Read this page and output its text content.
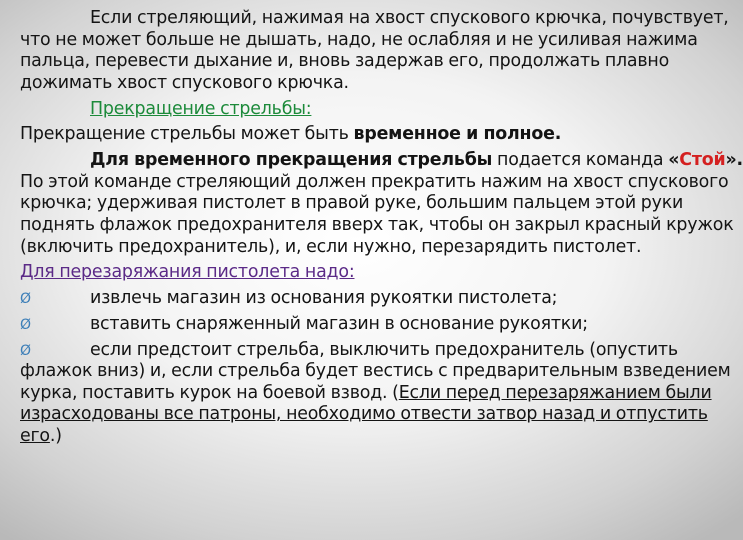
Если стреляющий, нажимая на хвост спускового крючка, почувствует,
что не может больше не дышать, надо, не ослабляя и не усиливая нажима
пальца, перевести дыхание и, вновь задержав его, продолжать плавно
дожимать хвост спускового крючка.
Прекращение стрельбы:
Прекращение стрельбы может быть временное и полное.
Для временного прекращения стрельбы подается команда «Стой».
По этой команде стреляющий должен прекратить нажим на хвост спускового
крючка; удерживая пистолет в правой руке, большим пальцем этой руки
поднять флажок предохранителя вверх так, чтобы он закрыл красный кружок
(включить предохранитель), и, если нужно, перезарядить пистолет.
Для перезаряжания пистолета надо:
Ø	извлечь магазин из основания рукоятки пистолета;
Ø	вставить снаряженный магазин в основание рукоятки;
Ø	если предстоит стрельба, выключить предохранитель (опустить
флажок вниз) и, если стрельба будет вестись с предварительным взведением
курка, поставить курок на боевой взвод. (Если перед перезаряжанием были
израсходованы все патроны, необходимо отвести затвор назад и отпустить
его.)
